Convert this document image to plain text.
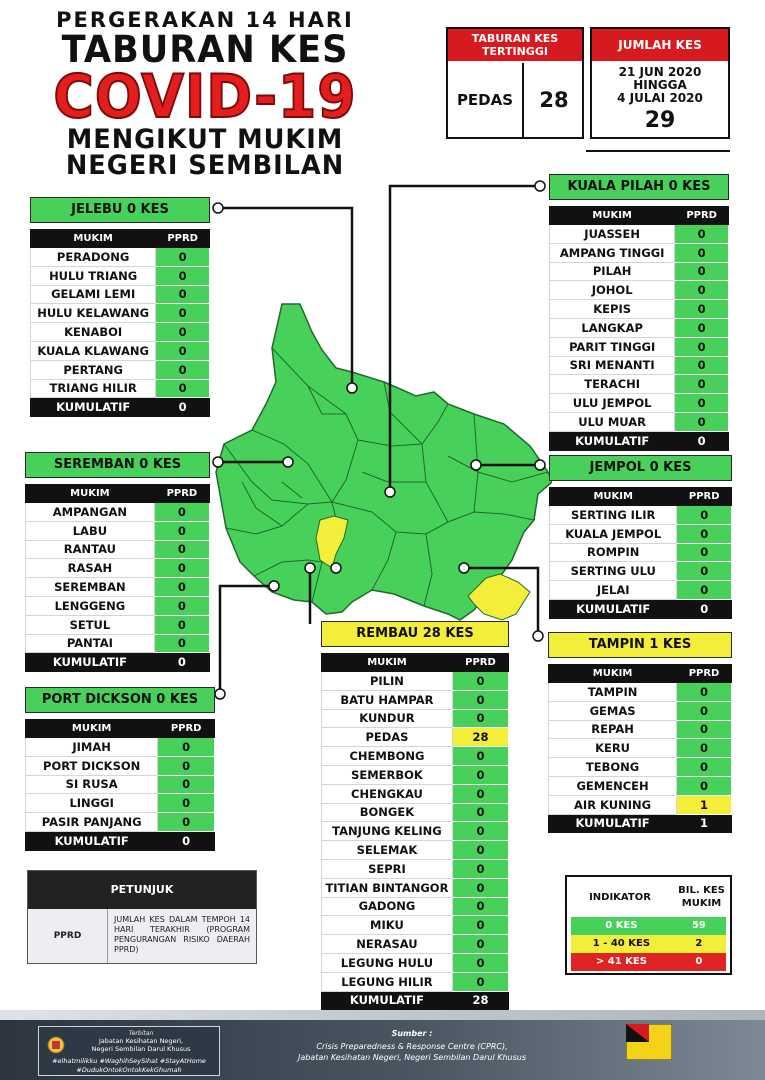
PERGERAKAN 14 HARI
TABURAN KES
COVID-19
MENGIKUT MUKIM
NEGERI SEMBILAN
TABURAN KES TERTINGGI
PEDAS	28
JUMLAH KES
21 JUN 2020
HINGGA
4 JULAI 2020
29
JELEBU 0 KES
MUKIM	PPRD
PERADONG	0
HULU TRIANG	0
GELAMI LEMI	0
HULU KELAWANG	0
KENABOI	0
KUALA KLAWANG	0
PERTANG	0
TRIANG HILIR	0
KUMULATIF	0
SEREMBAN 0 KES
MUKIM	PPRD
AMPANGAN	0
LABU	0
RANTAU	0
RASAH	0
SEREMBAN	0
LENGGENG	0
SETUL	0
PANTAI	0
KUMULATIF	0
PORT DICKSON 0 KES
MUKIM	PPRD
JIMAH	0
PORT DICKSON	0
SI RUSA	0
LINGGI	0
PASIR PANJANG	0
KUMULATIF	0
KUALA PILAH 0 KES
MUKIM	PPRD
JUASSEH	0
AMPANG TINGGI	0
PILAH	0
JOHOL	0
KEPIS	0
LANGKAP	0
PARIT TINGGI	0
SRI MENANTI	0
TERACHI	0
ULU JEMPOL	0
ULU MUAR	0
KUMULATIF	0
JEMPOL 0 KES
MUKIM	PPRD
SERTING ILIR	0
KUALA JEMPOL	0
ROMPIN	0
SERTING ULU	0
JELAI	0
KUMULATIF	0
TAMPIN 1 KES
MUKIM	PPRD
TAMPIN	0
GEMAS	0
REPAH	0
KERU	0
TEBONG	0
GEMENCEH	0
AIR KUNING	1
KUMULATIF	1
REMBAU 28 KES
MUKIM	PPRD
PILIN	0
BATU HAMPAR	0
KUNDUR	0
PEDAS	28
CHEMBONG	0
SEMERBOK	0
CHENGKAU	0
BONGEK	0
TANJUNG KELING	0
SELEMAK	0
SEPRI	0
TITIAN BINTANGOR	0
GADONG	0
MIKU	0
NERASAU	0
LEGUNG HULU	0
LEGUNG HILIR	0
KUMULATIF	28
PETUNJUK
PPRD
JUMLAH KES DALAM TEMPOH 14 HARI TERAKHIR (PROGRAM PENGURANGAN RISIKO DAERAH PPRD)
INDIKATOR
BIL. KES MUKIM
0 KES	59
1 - 40 KES	2
> 41 KES	0
Terbitan
Jabatan Kesihatan Negeri,
Negeri Sembilan Darul Khusus
#elhatmilikku #WaghihSeySihat #StayAtHome
#DudukOntokOntokKekGhumah
Sumber :
Crisis Preparedness & Response Centre (CPRC),
Jabatan Kesihatan Negeri, Negeri Sembilan Darul Khusus
